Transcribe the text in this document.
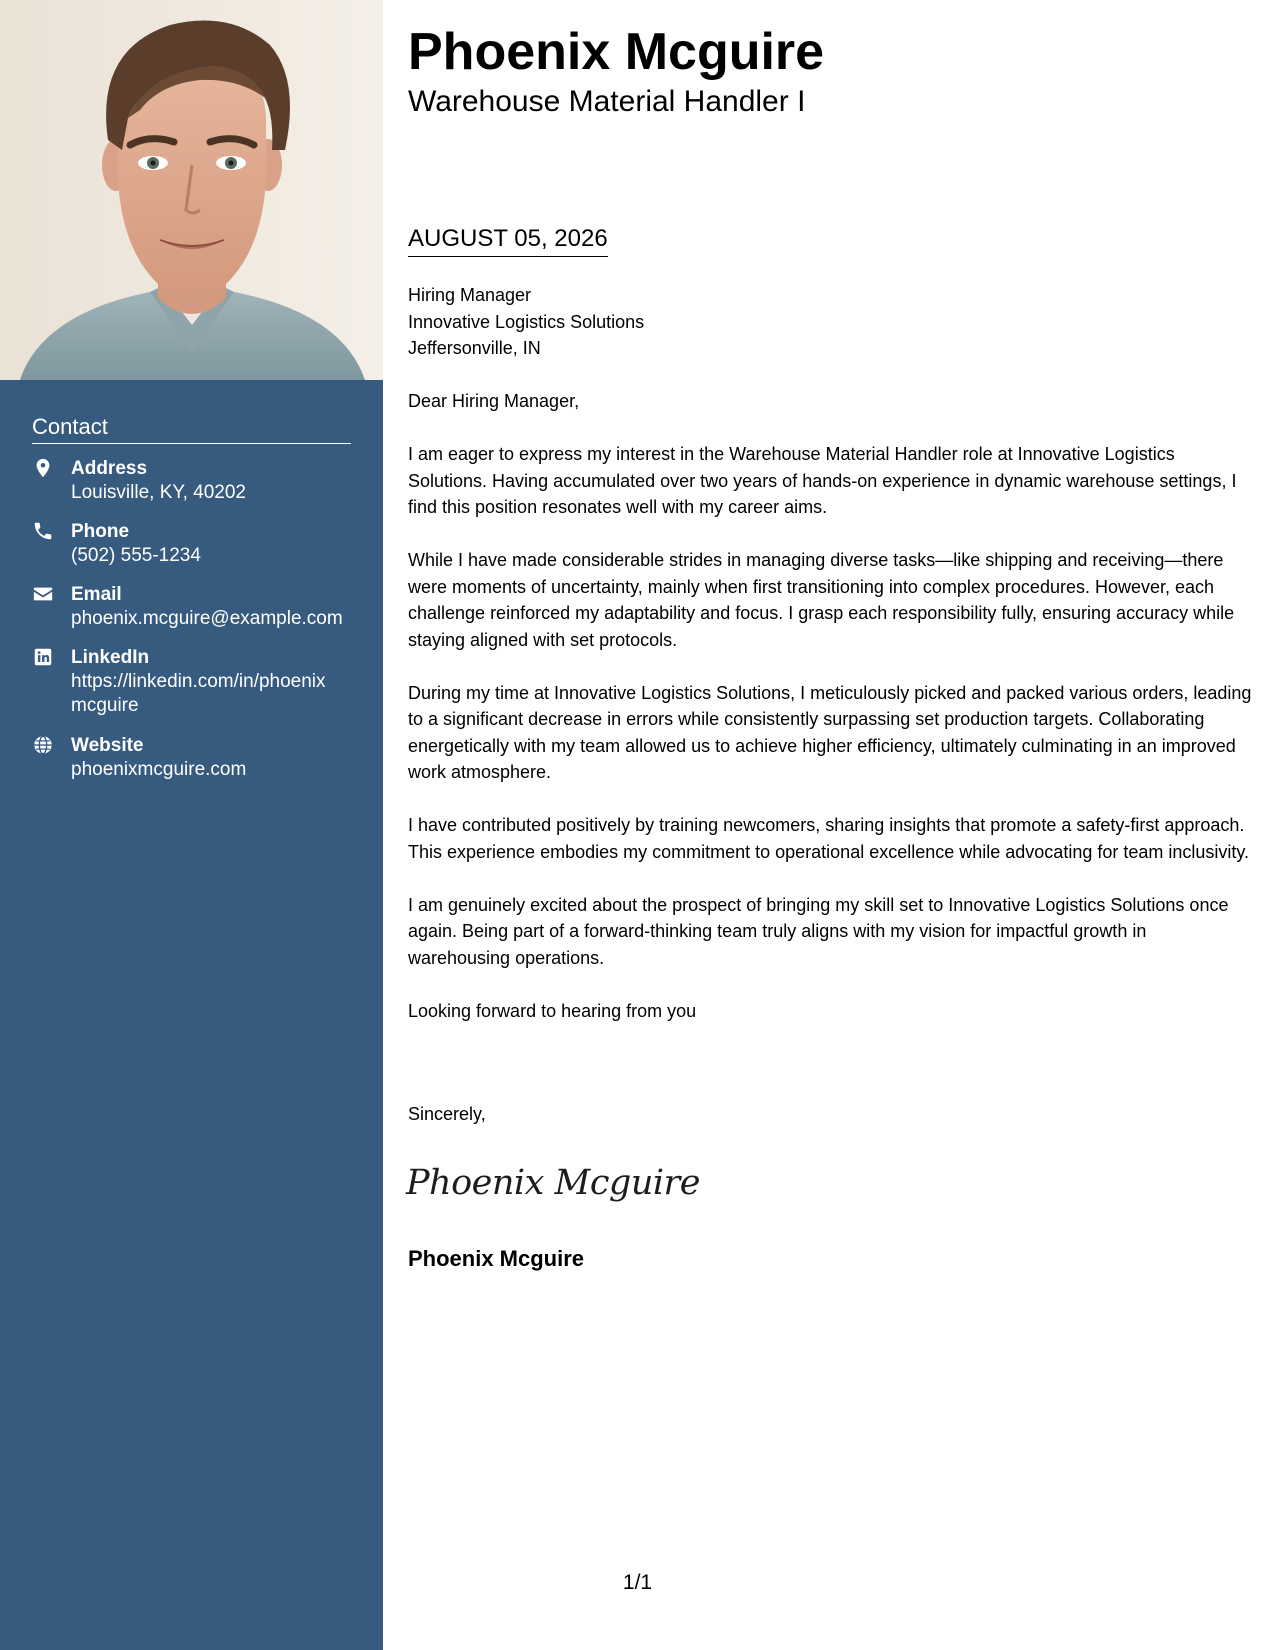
Contact
Address
Louisville, KY, 40202
Phone
(502) 555-1234
Email
phoenix.mcguire@example.com
LinkedIn
https://linkedin.com/in/phoenix mcguire
Website
phoenixmcguire.com
Phoenix Mcguire
Warehouse Material Handler I
AUGUST 05, 2026
Hiring Manager
Innovative Logistics Solutions
Jeffersonville, IN

Dear Hiring Manager,

I am eager to express my interest in the Warehouse Material Handler role at Innovative Logistics Solutions. Having accumulated over two years of hands-on experience in dynamic warehouse settings, I find this position resonates well with my career aims.

While I have made considerable strides in managing diverse tasks—like shipping and receiving—there were moments of uncertainty, mainly when first transitioning into complex procedures. However, each challenge reinforced my adaptability and focus. I grasp each responsibility fully, ensuring accuracy while staying aligned with set protocols.

During my time at Innovative Logistics Solutions, I meticulously picked and packed various orders, leading to a significant decrease in errors while consistently surpassing set production targets. Collaborating energetically with my team allowed us to achieve higher efficiency, ultimately culminating in an improved work atmosphere.

I have contributed positively by training newcomers, sharing insights that promote a safety-first approach. This experience embodies my commitment to operational excellence while advocating for team inclusivity.

I am genuinely excited about the prospect of bringing my skill set to Innovative Logistics Solutions once again. Being part of a forward-thinking team truly aligns with my vision for impactful growth in warehousing operations.

Looking forward to hearing from you

Sincerely,
Phoenix Mcguire
Phoenix Mcguire
1/1
